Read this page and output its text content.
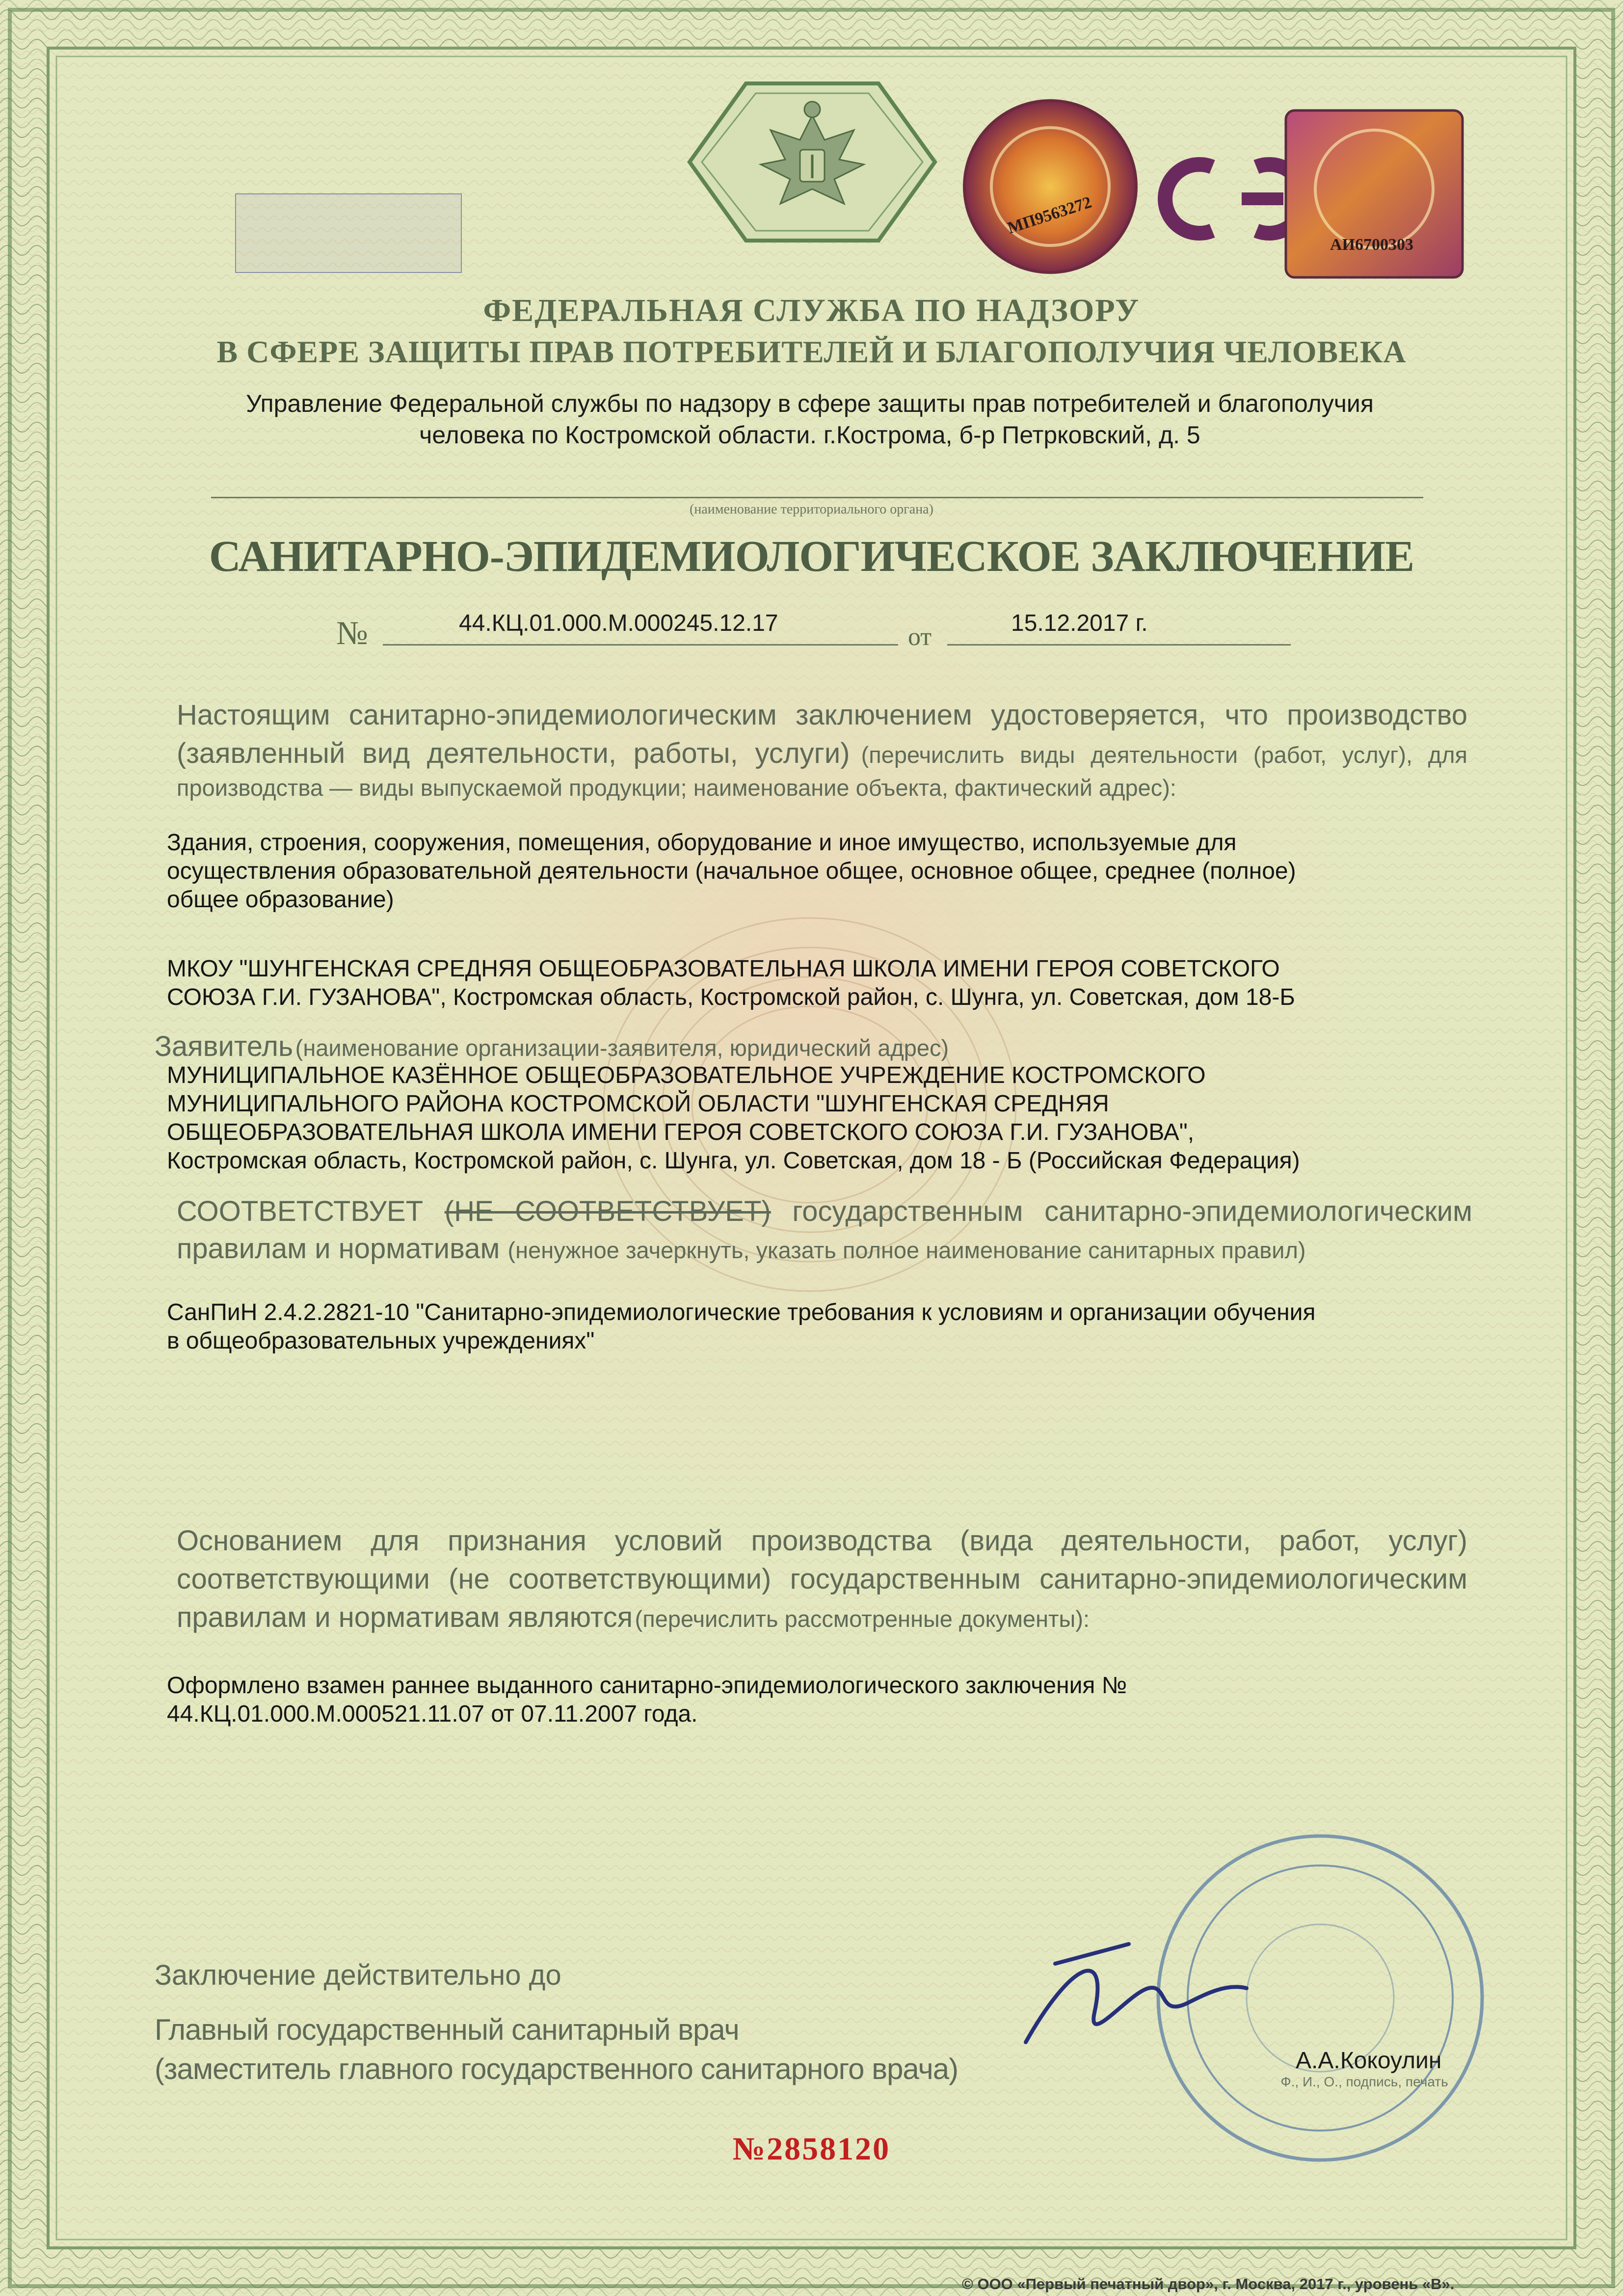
МП9563272
АИ6700303
ФЕДЕРАЛЬНАЯ СЛУЖБА ПО НАДЗОРУ
В СФЕРЕ ЗАЩИТЫ ПРАВ ПОТРЕБИТЕЛЕЙ И БЛАГОПОЛУЧИЯ ЧЕЛОВЕКА
Управление Федеральной службы по надзору в сфере защиты прав потребителей и благополучия
человека по Костромской области. г.Кострома, б-р Петрковский, д. 5
(наименование территориального органа)
САНИТАРНО-ЭПИДЕМИОЛОГИЧЕСКОЕ ЗАКЛЮЧЕНИЕ
№	44.КЦ.01.000.М.000245.12.17	от	15.12.2017 г.
Настоящим санитарно-эпидемиологическим заключением удостоверяется, что производство (заявленный вид деятельности, работы, услуги) (перечислить виды деятельности (работ, услуг), для производства — виды выпускаемой продукции; наименование объекта, фактический адрес):
Здания, строения, сооружения, помещения, оборудование и иное имущество, используемые для
осуществления образовательной деятельности (начальное общее, основное общее, среднее (полное)
общее образование)
МКОУ "ШУНГЕНСКАЯ СРЕДНЯЯ ОБЩЕОБРАЗОВАТЕЛЬНАЯ ШКОЛА ИМЕНИ ГЕРОЯ СОВЕТСКОГО
СОЮЗА Г.И. ГУЗАНОВА", Костромская область, Костромской район, с. Шунга, ул. Советская, дом 18-Б
Заявитель (наименование организации-заявителя, юридический адрес)
МУНИЦИПАЛЬНОЕ КАЗЁННОЕ ОБЩЕОБРАЗОВАТЕЛЬНОЕ УЧРЕЖДЕНИЕ КОСТРОМСКОГО
МУНИЦИПАЛЬНОГО РАЙОНА КОСТРОМСКОЙ ОБЛАСТИ "ШУНГЕНСКАЯ СРЕДНЯЯ
ОБЩЕОБРАЗОВАТЕЛЬНАЯ ШКОЛА ИМЕНИ ГЕРОЯ СОВЕТСКОГО СОЮЗА Г.И. ГУЗАНОВА",
Костромская область, Костромской район, с. Шунга, ул. Советская, дом 18 - Б (Российская Федерация)
СООТВЕТСТВУЕТ (НЕ СООТВЕТСТВУЕТ) государственным санитарно-эпидемиологическим правилам и нормативам (ненужное зачеркнуть, указать полное наименование санитарных правил)
СанПиН 2.4.2.2821-10 "Санитарно-эпидемиологические требования к условиям и организации обучения
в общеобразовательных учреждениях"
Основанием для признания условий производства (вида деятельности, работ, услуг) соответствующими (не соответствующими) государственным санитарно-эпидемиологическим правилам и нормативам являются (перечислить рассмотренные документы):
Оформлено взамен раннее выданного санитарно-эпидемиологического заключения №
44.КЦ.01.000.М.000521.11.07 от 07.11.2007 года.
Заключение действительно до
Главный государственный санитарный врач
(заместитель главного государственного санитарного врача)	А.А.Кокоулин
Ф., И., О., подпись, печать
№2858120
© ООО «Первый печатный двор», г. Москва, 2017 г., уровень «В».
